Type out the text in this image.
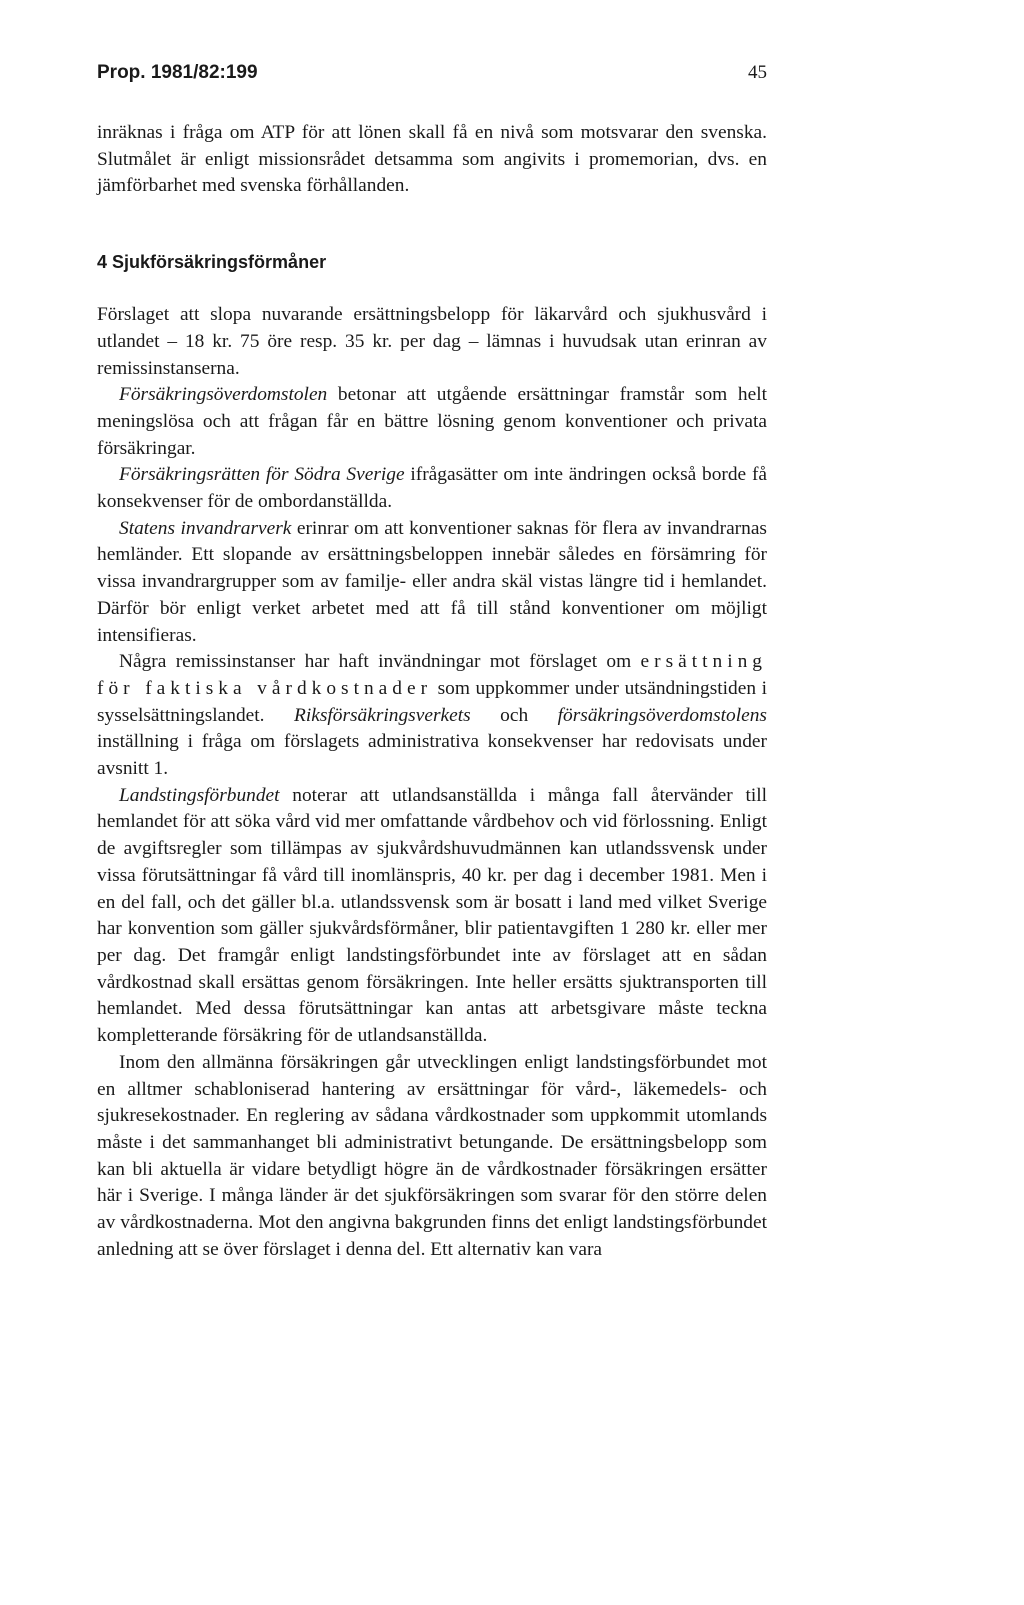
Prop. 1981/82:199	45

inräknas i fråga om ATP för att lönen skall få en nivå som motsvarar den svenska. Slutmålet är enligt missionsrådet detsamma som angivits i promemorian, dvs. en jämförbarhet med svenska förhållanden.

4 Sjukförsäkringsförmåner

Förslaget att slopa nuvarande ersättningsbelopp för läkarvård och sjukhusvård i utlandet – 18 kr. 75 öre resp. 35 kr. per dag – lämnas i huvudsak utan erinran av remissinstanserna.

Försäkringsöverdomstolen betonar att utgående ersättningar framstår som helt meningslösa och att frågan får en bättre lösning genom konventioner och privata försäkringar.

Försäkringsrätten för Södra Sverige ifrågasätter om inte ändringen också borde få konsekvenser för de ombordanställda.

Statens invandrarverk erinrar om att konventioner saknas för flera av invandrarnas hemländer. Ett slopande av ersättningsbeloppen innebär således en försämring för vissa invandrargrupper som av familje- eller andra skäl vistas längre tid i hemlandet. Därför bör enligt verket arbetet med att få till stånd konventioner om möjligt intensifieras.

Några remissinstanser har haft invändningar mot förslaget om ersättning för faktiska vårdkostnader som uppkommer under utsändningstiden i sysselsättningslandet. Riksförsäkringsverkets och försäkringsöverdomstolens inställning i fråga om förslagets administrativa konsekvenser har redovisats under avsnitt 1.

Landstingsförbundet noterar att utlandsanställda i många fall återvänder till hemlandet för att söka vård vid mer omfattande vårdbehov och vid förlossning. Enligt de avgiftsregler som tillämpas av sjukvårdshuvudmännen kan utlandssvensk under vissa förutsättningar få vård till inomlänspris, 40 kr. per dag i december 1981. Men i en del fall, och det gäller bl.a. utlandssvensk som är bosatt i land med vilket Sverige har konvention som gäller sjukvårdsförmåner, blir patientavgiften 1 280 kr. eller mer per dag. Det framgår enligt landstingsförbundet inte av förslaget att en sådan vårdkostnad skall ersättas genom försäkringen. Inte heller ersätts sjuktransporten till hemlandet. Med dessa förutsättningar kan antas att arbetsgivare måste teckna kompletterande försäkring för de utlandsanställda.

Inom den allmänna försäkringen går utvecklingen enligt landstingsförbundet mot en alltmer schabloniserad hantering av ersättningar för vård-, läkemedels- och sjukresekostnader. En reglering av sådana vårdkostnader som uppkommit utomlands måste i det sammanhanget bli administrativt betungande. De ersättningsbelopp som kan bli aktuella är vidare betydligt högre än de vårdkostnader försäkringen ersätter här i Sverige. I många länder är det sjukförsäkringen som svarar för den större delen av vårdkostnaderna. Mot den angivna bakgrunden finns det enligt landstingsförbundet anledning att se över förslaget i denna del. Ett alternativ kan vara
